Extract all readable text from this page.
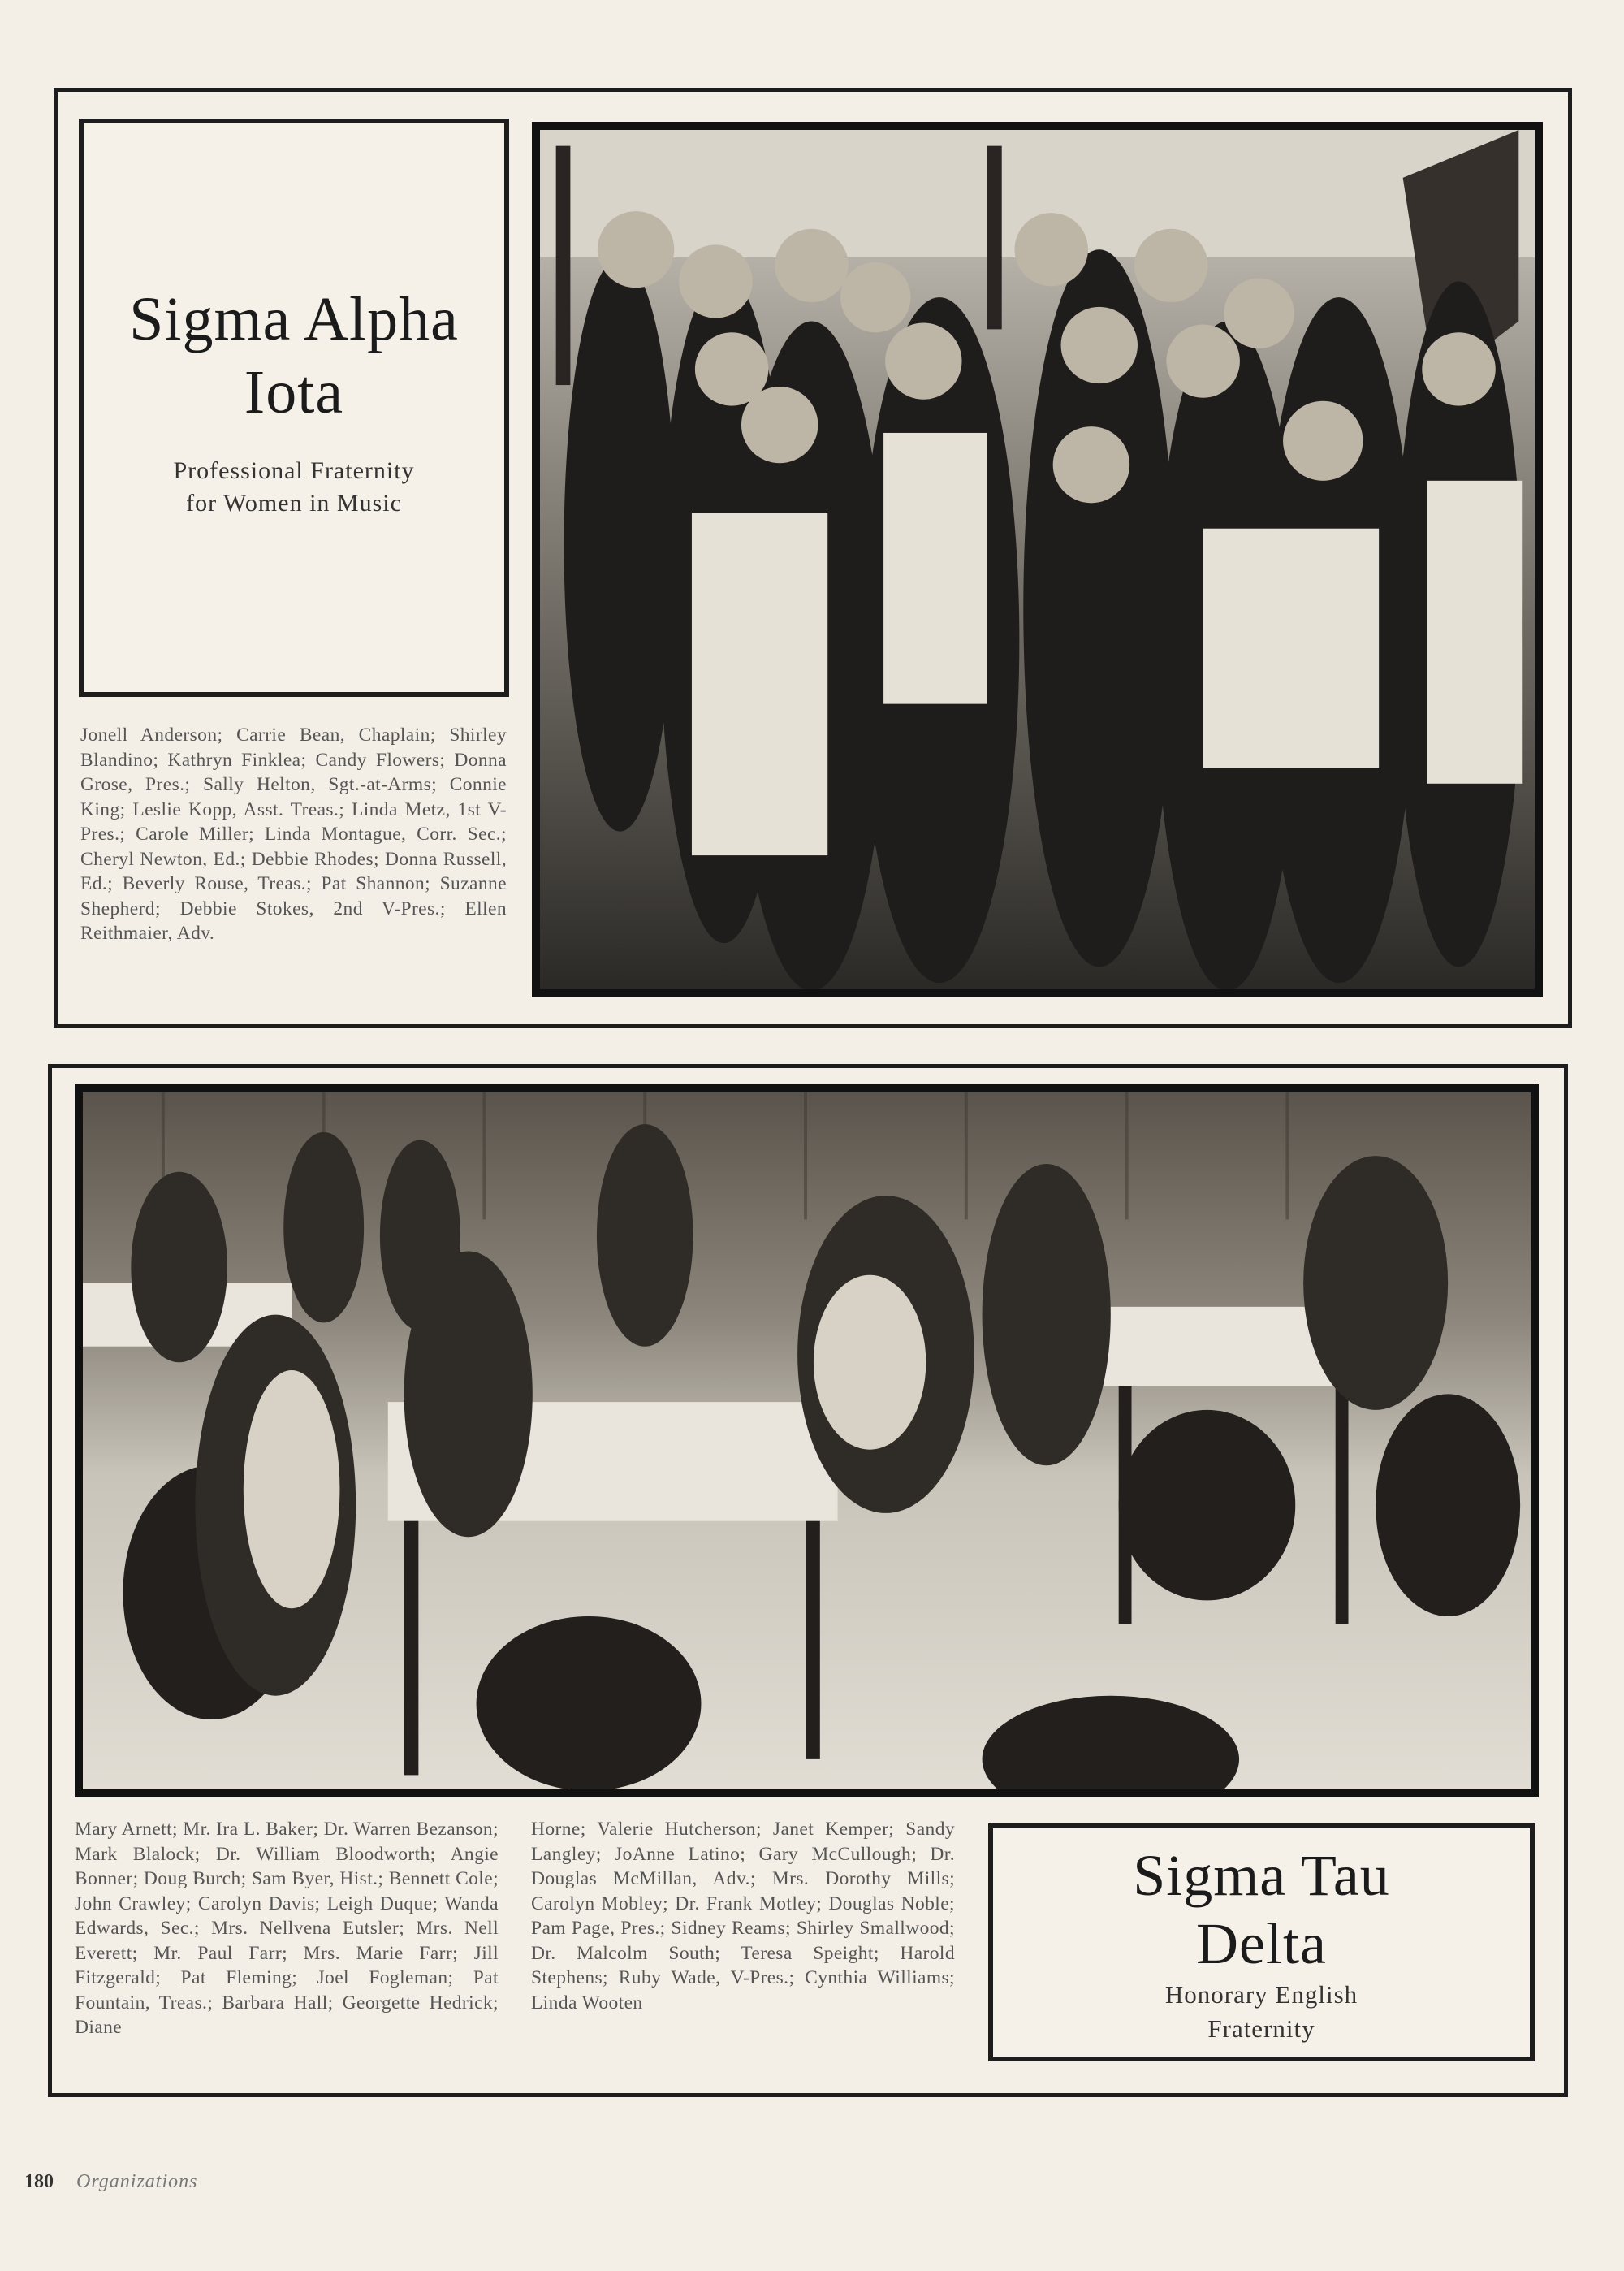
Sigma Alpha
Iota
Professional Fraternity
for Women in Music
Jonell Anderson; Carrie Bean, Chaplain; Shirley Blandino; Kathryn Finklea; Candy Flowers; Donna Grose, Pres.; Sally Helton, Sgt.-at-Arms; Connie King; Leslie Kopp, Asst. Treas.; Linda Metz, 1st V-Pres.; Carole Miller; Linda Montague, Corr. Sec.; Cheryl Newton, Ed.; Debbie Rhodes; Donna Russell, Ed.; Beverly Rouse, Treas.; Pat Shannon; Suzanne Shepherd; Debbie Stokes, 2nd V-Pres.; Ellen Reithmaier, Adv.
Mary Arnett; Mr. Ira L. Baker; Dr. Warren Bezanson; Mark Blalock; Dr. William Bloodworth; Angie Bonner; Doug Burch; Sam Byer, Hist.; Bennett Cole; John Crawley; Carolyn Davis; Leigh Duque; Wanda Edwards, Sec.; Mrs. Nellvena Eutsler; Mrs. Nell Everett; Mr. Paul Farr; Mrs. Marie Farr; Jill Fitzgerald; Pat Fleming; Joel Fogleman; Pat Fountain, Treas.; Barbara Hall; Georgette Hedrick; Diane
Horne; Valerie Hutcherson; Janet Kemper; Sandy Langley; JoAnne Latino; Gary McCullough; Dr. Douglas McMillan, Adv.; Mrs. Dorothy Mills; Carolyn Mobley; Dr. Frank Motley; Douglas Noble; Pam Page, Pres.; Sidney Reams; Shirley Smallwood; Dr. Malcolm South; Teresa Speight; Harold Stephens; Ruby Wade, V-Pres.; Cynthia Williams; Linda Wooten
Sigma Tau
Delta
Honorary English
Fraternity
180 Organizations
